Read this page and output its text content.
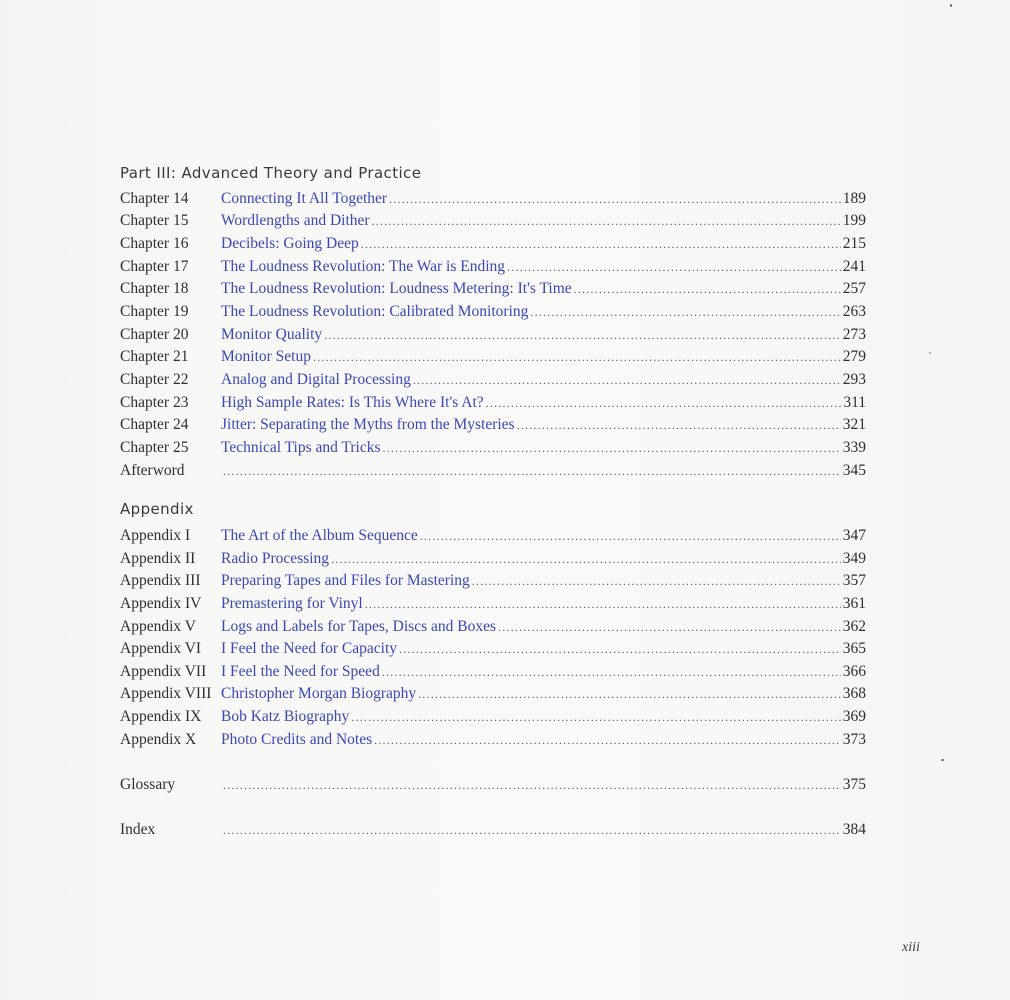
Part III: Advanced Theory and Practice
Chapter 14 Connecting It All Together .....	189
Chapter 15 Wordlengths and Dither .....	199
Chapter 16 Decibels: Going Deep .....	215
Chapter 17 The Loudness Revolution: The War is Ending .....	241
Chapter 18 The Loudness Revolution: Loudness Metering: It's Time .....	257
Chapter 19 The Loudness Revolution: Calibrated Monitoring .....	263
Chapter 20 Monitor Quality .....	273
Chapter 21 Monitor Setup .....	279
Chapter 22 Analog and Digital Processing .....	293
Chapter 23 High Sample Rates: Is This Where It's At? .....	311
Chapter 24 Jitter: Separating the Myths from the Mysteries .....	321
Chapter 25 Technical Tips and Tricks .....	339
Afterword .....	345
Appendix
Appendix I The Art of the Album Sequence .....	347
Appendix II Radio Processing .....	349
Appendix III Preparing Tapes and Files for Mastering .....	357
Appendix IV Premastering for Vinyl .....	361
Appendix V Logs and Labels for Tapes, Discs and Boxes .....	362
Appendix VI I Feel the Need for Capacity .....	365
Appendix VII I Feel the Need for Speed .....	366
Appendix VIII Christopher Morgan Biography .....	368
Appendix IX Bob Katz Biography .....	369
Appendix X Photo Credits and Notes .....	373
Glossary .....	375
Index .....	384
xiii
